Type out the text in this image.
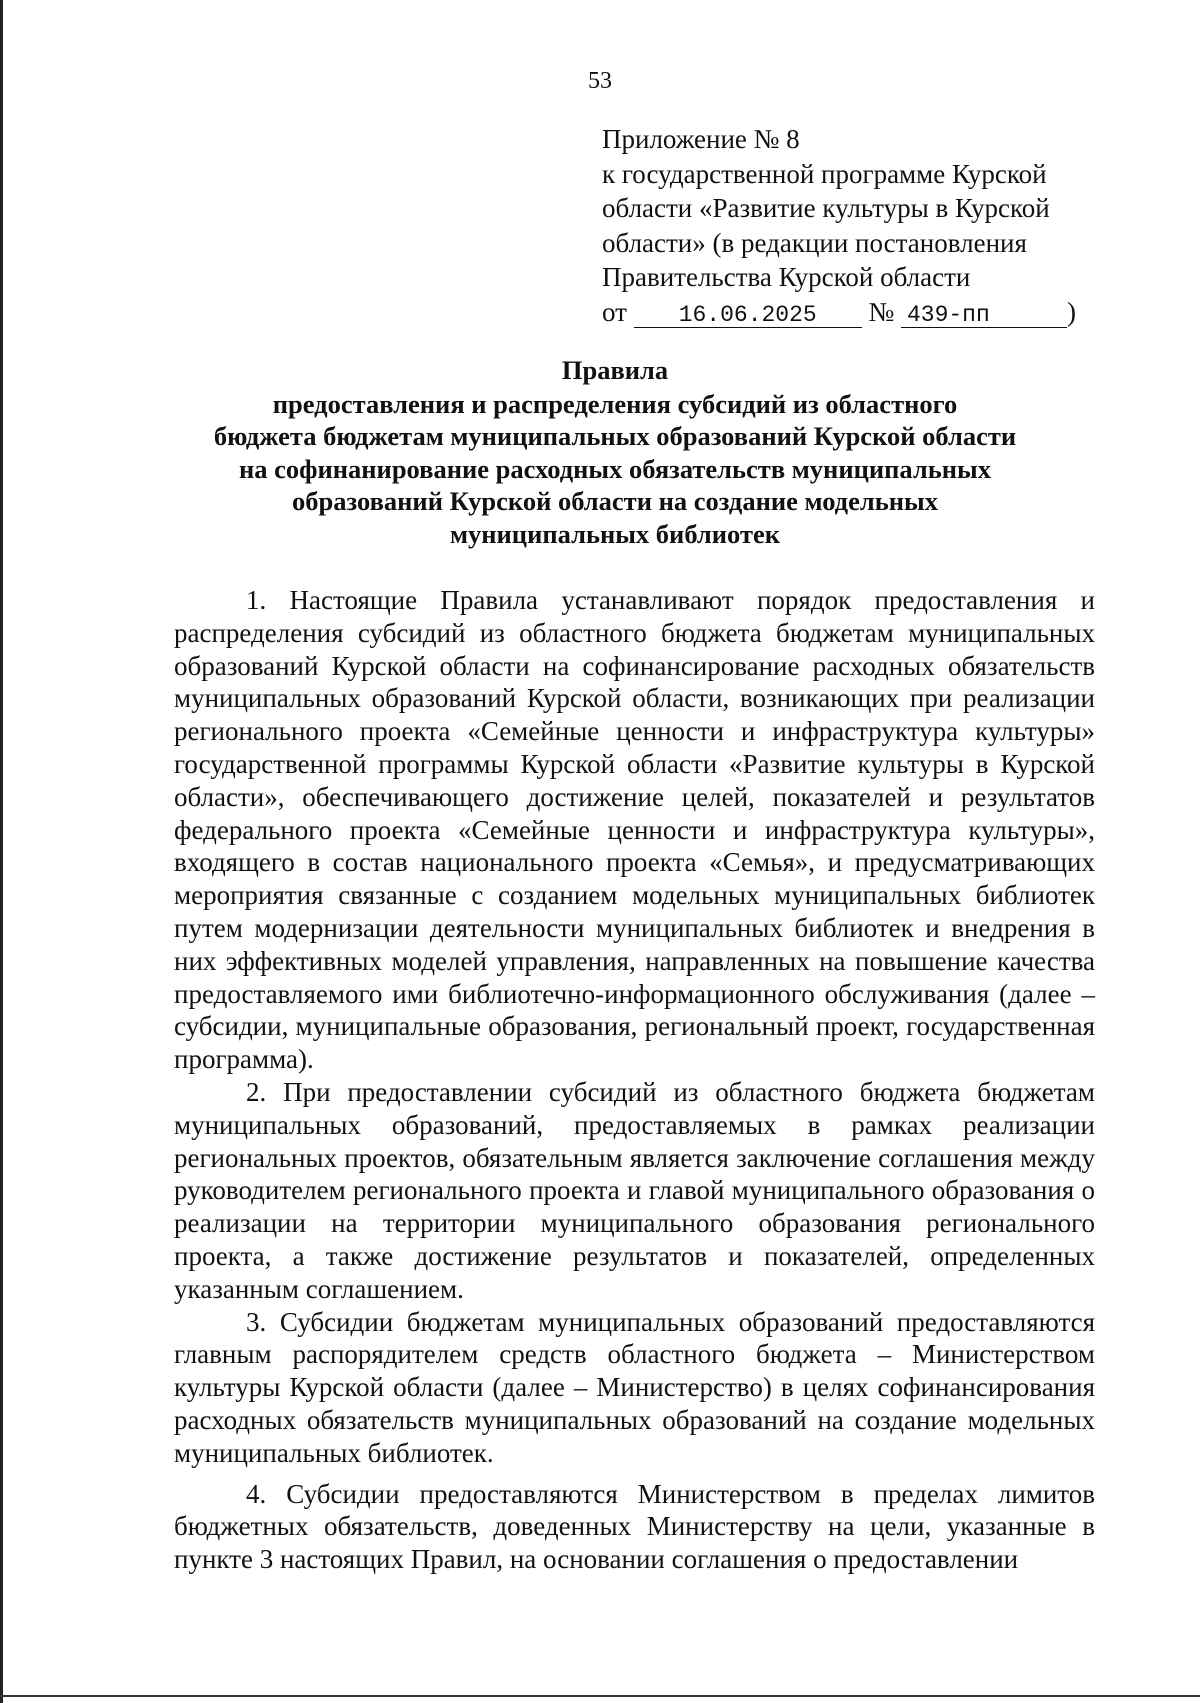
53
Приложение № 8
к государственной программе Курской
области «Развитие культуры в Курской
области» (в редакции постановления
Правительства Курской области
от 16.06.2025 № 439-пп	)
Правила
предоставления и распределения субсидий из областного
бюджета бюджетам муниципальных образований Курской области
на софинанирование расходных обязательств муниципальных
образований Курской области на создание модельных
муниципальных библиотек

1. Настоящие Правила устанавливают порядок предоставления и распределения субсидий из областного бюджета бюджетам муниципальных образований Курской области на софинансирование расходных обязательств муниципальных образований Курской области, возникающих при реализации регионального проекта «Семейные ценности и инфраструктура культуры» государственной программы Курской области «Развитие культуры в Курской области», обеспечивающего достижение целей, показателей и результатов федерального проекта «Семейные ценности и инфраструктура культуры», входящего в состав национального проекта «Семья», и предусматривающих мероприятия связанные с созданием модельных муниципальных библиотек путем модернизации деятельности муниципальных библиотек и внедрения в них эффективных моделей управления, направленных на повышение качества предоставляемого ими библиотечно-информационного обслуживания (далее – субсидии, муниципальные образования, региональный проект, государственная программа).

2. При предоставлении субсидий из областного бюджета бюджетам муниципальных образований, предоставляемых в рамках реализации региональных проектов, обязательным является заключение соглашения между руководителем регионального проекта и главой муниципального образования о реализации на территории муниципального образования регионального проекта, а также достижение результатов и показателей, определенных указанным соглашением.

3. Субсидии бюджетам муниципальных образований предоставляются главным распорядителем средств областного бюджета – Министерством культуры Курской области (далее – Министерство) в целях софинансирования расходных обязательств муниципальных образований на создание модельных муниципальных библиотек.

4. Субсидии предоставляются Министерством в пределах лимитов бюджетных обязательств, доведенных Министерству на цели, указанные в пункте 3 настоящих Правил, на основании соглашения о предоставлении
